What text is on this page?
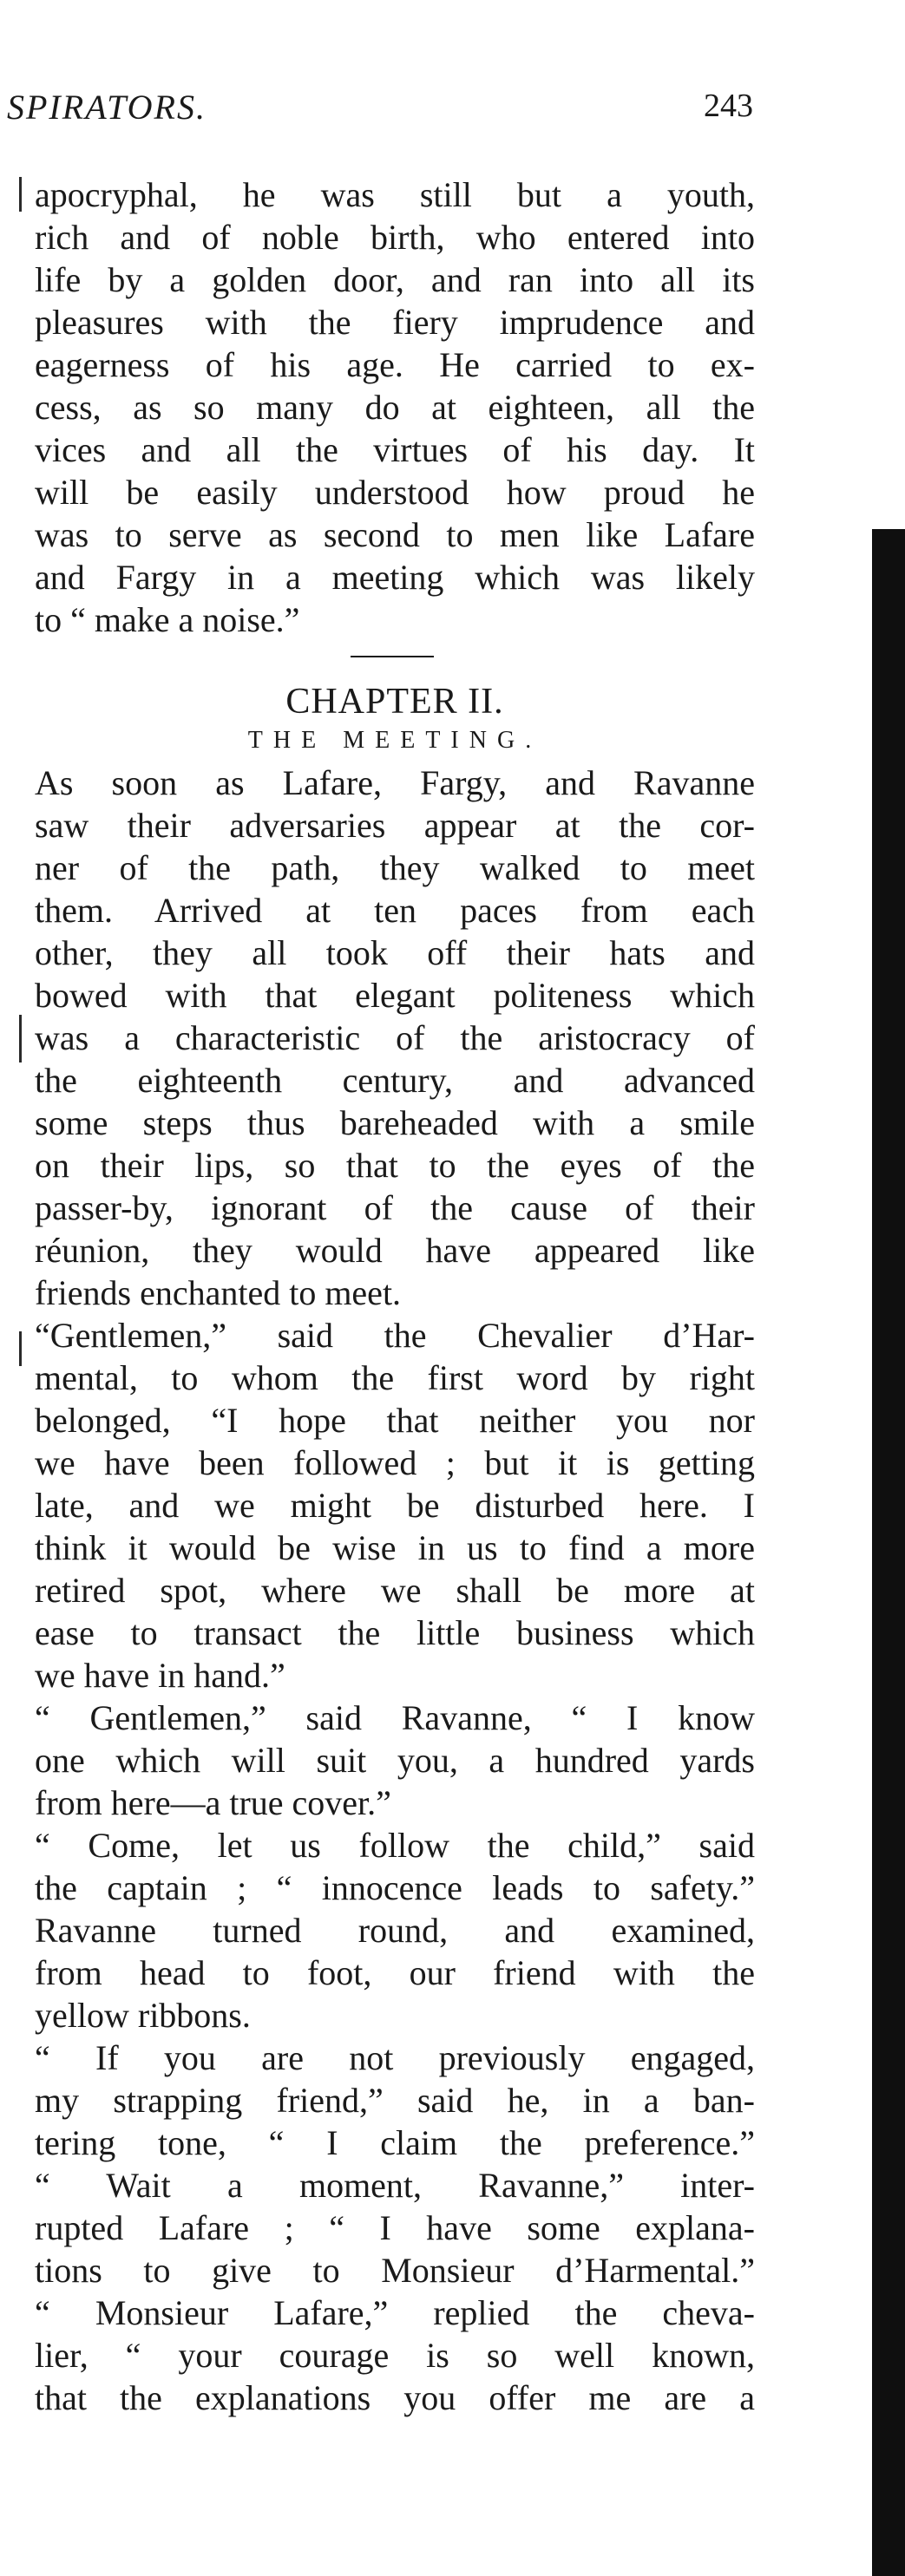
SPIRATORS.	243
apocryphal, he was still but a youth,
rich and of noble birth, who entered into
life by a golden door, and ran into all its
pleasures with the fiery imprudence and
eagerness of his age. He carried to ex-
cess, as so many do at eighteen, all the
vices and all the virtues of his day. It
will be easily understood how proud he
was to serve as second to men like Lafare
and Fargy in a meeting which was likely
to “ make a noise.”
CHAPTER II.
THE MEETING.
As soon as Lafare, Fargy, and Ravanne
saw their adversaries appear at the cor-
ner of the path, they walked to meet
them. Arrived at ten paces from each
other, they all took off their hats and
bowed with that elegant politeness which
was a characteristic of the aristocracy of
the eighteenth century, and advanced
some steps thus bareheaded with a smile
on their lips, so that to the eyes of the
passer-by, ignorant of the cause of their
réunion, they would have appeared like
friends enchanted to meet.
“Gentlemen,” said the Chevalier d’Har-
mental, to whom the first word by right
belonged, “I hope that neither you nor
we have been followed ; but it is getting
late, and we might be disturbed here. I
think it would be wise in us to find a more
retired spot, where we shall be more at
ease to transact the little business which
we have in hand.”
“ Gentlemen,” said Ravanne, “ I know
one which will suit you, a hundred yards
from here—a true cover.”
“ Come, let us follow the child,” said
the captain ; “ innocence leads to safety.”
Ravanne turned round, and examined,
from head to foot, our friend with the
yellow ribbons.
“ If you are not previously engaged,
my strapping friend,” said he, in a ban-
tering tone, “ I claim the preference.”
“ Wait a moment, Ravanne,” inter-
rupted Lafare ; “ I have some explana-
tions to give to Monsieur d’Harmental.”
“ Monsieur Lafare,” replied the cheva-
lier, “ your courage is so well known,
that the explanations you offer me are a
